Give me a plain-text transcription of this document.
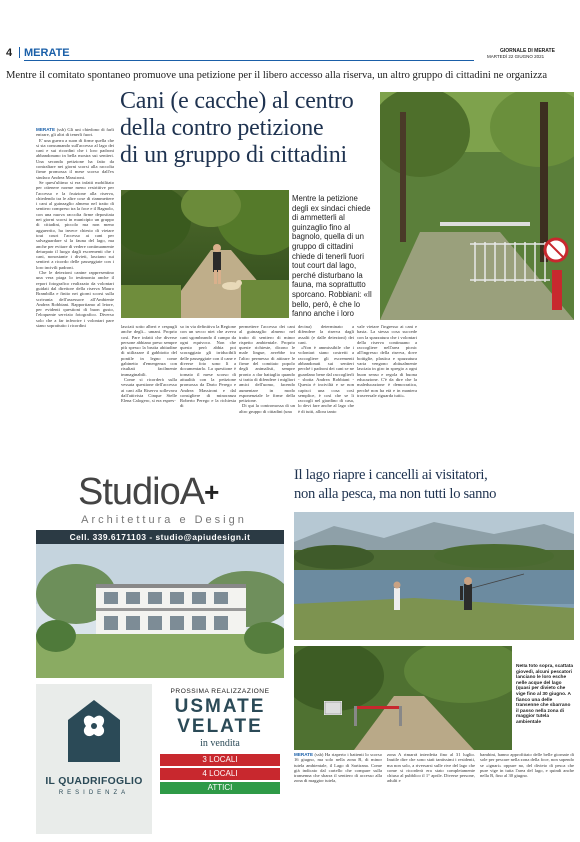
4 MERATE	GIORNALE DI MERATE
MARTEDÌ 22 GIUGNO 2021
Mentre il comitato spontaneo promuove una petizione per il libero accesso alla riserva, un altro gruppo di cittadini ne organizza
Cani (e cacche) al centro
della contro petizione
di un gruppo di cittadini

MERATE (ssb) Gli uni chiedono di farli entrare, gli altri di tenerli fuori.

E' una guerra a suon di firme quella che si sta consumando sull'accesso al lago dei cani e sui ricordini che i loro padroni abbandonano in bella mostra sui sentieri. Una seconda petizione ha fatto da contraltare nei giorni scorsi alla raccolta firme promossa il mese scorso dall'ex sindaco Andrea Massironi.

Se quest'ultimo si era infatti mobilitato per ottenere norme meno restrittive per l'accesso e la fruizione alla riserva, chiedendo tra le altre cose di riammettere i cani al guinzaglio almeno nel tratto di sentiero compreso tra la foce e il Bagnolo, con una nuova raccolta firme depositata nei giorni scorsi in municipio un gruppo di cittadini, piccolo ma non meno agguerrito, ha invece chiesto di vietare tout court l'accesso ai cani per salvaguardare sì la fauna del lago, ma anche per evitare di vedere continuamente deturpato il luogo dagli escrementi che i cani, nonostante i divieti, lasciano sui sentieri a ricordo delle passeggiate con i loro incivili padroni.

Che le deiezioni canine rappresentino una vera piaga lo testimonia anche il report fotografico realizzato da volontari guidati dal direttore della riserva Mauro Brambilla e finito nei giorni scorsi sulla scrivania dell'assessore all'Ambiente Andrea Robbiani. Rapportiamo al letore, per evidenti questioni di buon gusto, l'eloquente servizio fotografico. Diverso solo che a far infeorire i volontari pare siano soprattutto i ricordini

Mentre la petizione degli ex sindaci chiede di ammetterli al guinzaglio fino al bagnolo, quella di un gruppo di cittadini chiede di tenerli fuori tout court dal lago, perché disturbano la fauna, ma soprattutto sporcano. Robbiani: «Il bello, però, è che lo fanno anche i loro

lasciati sotto alberi e cespugli anche degli... umani. Proprio così. Pare infatti che diverse persone abbiano preso sempre più spesso la brutta abitudine di utilizzare il gabbiotto del pontile in legno come gabinetto d'emergenza con risultati facilmente immaginabili.

Come si ricorderà sulla vessata questione dell'accesso ai cani alla Riserva sollevava dall'attivista Cinque Stelle Elena Calogero, si era espres-

so in via definitiva la Regione con un secco niet che aveva cani sgombrando il campo da ogni equivoco. Non che questo però abbia poi scoraggiato gli irriducibili delle passeggiate con il cane e diverse foto sono lì a documentarlo. La questione è tornato il mese scorso di attualità con la petizione promossa da Dario Perego e Andrea Massironi e dal consigliere di minoranza Roberto Perego e la richiesta di

permettere l'accesso dei cani al guinzaglio almeno nel tratto di sentiero di minor rispetto ambientale. Proprio queste richieste, dicono le male lingue, avrebbe tra l'altro permesso di attirare le firme del comitato popolo degli animalisti, sempre pronto a dar battaglia quando si tratta di difendere i migliori amici dell'uomo, facendo aumentare in modo esponenziale le firme della petizione.

Di qui la contromossa di un altro gruppo di cittadini (una

decina) determinato a difendere la riserva dagli assalti (e dalle deiezioni) dei cani.

«Non è ammissibile che i volontari siano costretti a raccogliere gli escrementi abbandonati sui sentieri perché i padroni dei cani se ne guardano bene dal raccoglierli - sbotta Andrea Robbiani - Questa è inciviltà e se non capisci una cosa così semplice, è così che se li raccogli nel giardino di casa, lo devi fare anche al lago che è di tutti, allora tanto

vale vietare l'ingresso ai cani e basta. La stessa cosa succede con la spazzatura che i volontari della riserva continuano a raccogliere nell'area picnic all'ingresso della riserva, dove bottiglie, plastica e spazzatura varia vengono abitualmente lasciata in giro in spregio a ogni buon senso e regola di buona educazione. C'è da dire che la maleducazione è democratica, perché non ha età e in maniera trasversale riguarda tutti».

StudioA+
Architettura e Design
Cell. 339.6171103 - studio@apiudesign.it
IL QUADRIFOGLIO
RESIDENZA
PROSSIMA REALIZZAZIONE
USMATE
VELATE
in vendita
3 LOCALI
4 LOCALI
ATTICI
Il lago riapre i cancelli ai visitatori,
non alla pesca, ma non tutti lo sanno
Nella foto sopra, scattata giovedì, alcuni pescatori lanciano le loro esche nelle acque del lago (quasi per divieto che vige fino al 30 giugno. A fianco una delle transenne che sbarrano il passo nella zona di maggior tutela ambientale

MERATE (ssb) Ha riaperto i battenti lo scorso 16 giugno, ma solo nella zona B, di minor tutela ambientale, il Lago di Sartirana. Come già indicato dal cartello che compare sulla transenna che sbarra il sentiero di accesso alla zona di maggior tutela,

zona A rimarrà interdetta fino al 31 luglio. Inutile dire che sono stati tantissimi i residenti, ma non solo, a riversarsi sulle rive del lago che come si ricorderà era stato completamente chiuso al pubblico il 1° aprile. Diverse persone, adulti e

bambini, hanno approfittato delle belle giornate di sole per pescare nella zona della foce, non sapendo se «ignari» oppure no, del divieto di pesca che pure vige in tutta l'area del lago, e quindi anche nella B, fino al 30 giugno.
